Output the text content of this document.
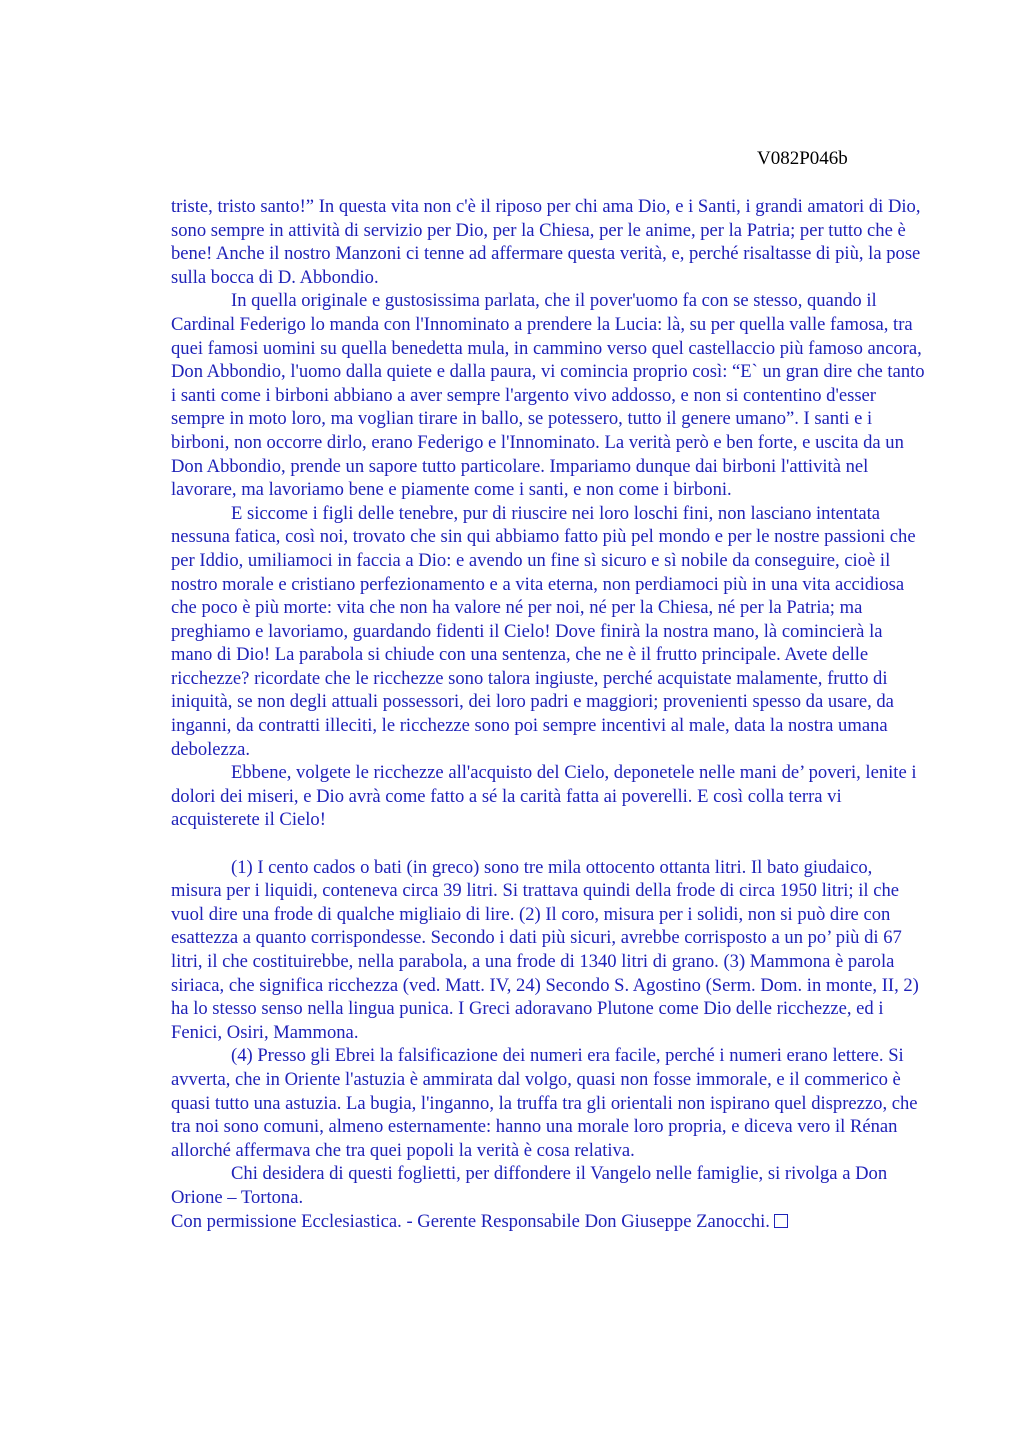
V082P046b

triste, tristo santo!” In questa vita non c'è il riposo per chi ama Dio, e i Santi, i grandi amatori di Dio, sono sempre in attività di servizio per Dio, per la Chiesa, per le anime, per la Patria; per tutto che è bene! Anche il nostro Manzoni ci tenne ad affermare questa verità, e, perché risaltasse di più, la pose sulla bocca di D. Abbondio.

In quella originale e gustosissima parlata, che il pover'uomo fa con se stesso, quando il Cardinal Federigo lo manda con l'Innominato a prendere la Lucia: là, su per quella valle famosa, tra quei famosi uomini su quella benedetta mula, in cammino verso quel castellaccio più famoso ancora, Don Abbondio, l'uomo dalla quiete e dalla paura, vi comincia proprio così: “E` un gran dire che tanto i santi come i birboni abbiano a aver sempre l'argento vivo addosso, e non si contentino d'esser sempre in moto loro, ma voglian tirare in ballo, se potessero, tutto il genere umano”. I santi e i birboni, non occorre dirlo, erano Federigo e l'Innominato. La verità però e ben forte, e uscita da un Don Abbondio, prende un sapore tutto particolare. Impariamo dunque dai birboni l'attività nel lavorare, ma lavoriamo bene e piamente come i santi, e non come i birboni.

E siccome i figli delle tenebre, pur di riuscire nei loro loschi fini, non lasciano intentata nessuna fatica, così noi, trovato che sin qui abbiamo fatto più pel mondo e per le nostre passioni che per Iddio, umiliamoci in faccia a Dio: e avendo un fine sì sicuro e sì nobile da conseguire, cioè il nostro morale e cristiano perfezionamento e a vita eterna, non perdiamoci più in una vita accidiosa che poco è più morte: vita che non ha valore né per noi, né per la Chiesa, né per la Patria; ma preghiamo e lavoriamo, guardando fidenti il Cielo! Dove finirà la nostra mano, là comincierà la mano di Dio! La parabola si chiude con una sentenza, che ne è il frutto principale. Avete delle ricchezze? ricordate che le ricchezze sono talora ingiuste, perché acquistate malamente, frutto di iniquità, se non degli attuali possessori, dei loro padri e maggiori; provenienti spesso da usare, da inganni, da contratti illeciti, le ricchezze sono poi sempre incentivi al male, data la nostra umana debolezza.

Ebbene, volgete le ricchezze all'acquisto del Cielo, deponetele nelle mani de’ poveri, lenite i dolori dei miseri, e Dio avrà come fatto a sé la carità fatta ai poverelli. E così colla terra vi acquisterete il Cielo!

(1) I cento cados o bati (in greco) sono tre mila ottocento ottanta litri. Il bato giudaico, misura per i liquidi, conteneva circa 39 litri. Si trattava quindi della frode di circa 1950 litri; il che vuol dire una frode di qualche migliaio di lire. (2) Il coro, misura per i solidi, non si può dire con esattezza a quanto corrispondesse. Secondo i dati più sicuri, avrebbe corrisposto a un po’ più di 67 litri, il che costituirebbe, nella parabola, a una frode di 1340 litri di grano. (3) Mammona è parola siriaca, che significa ricchezza (ved. Matt. IV, 24) Secondo S. Agostino (Serm. Dom. in monte, II, 2) ha lo stesso senso nella lingua punica. I Greci adoravano Plutone come Dio delle ricchezze, ed i Fenici, Osiri, Mammona.

(4) Presso gli Ebrei la falsificazione dei numeri era facile, perché i numeri erano lettere. Si avverta, che in Oriente l'astuzia è ammirata dal volgo, quasi non fosse immorale, e il commerico è quasi tutto una astuzia. La bugia, l'inganno, la truffa tra gli orientali non ispirano quel disprezzo, che tra noi sono comuni, almeno esternamente: hanno una morale loro propria, e diceva vero il Rénan allorché affermava che tra quei popoli la verità è cosa relativa.

Chi desidera di questi foglietti, per diffondere il Vangelo nelle famiglie, si rivolga a Don Orione – Tortona.

Con permissione Ecclesiastica. - Gerente Responsabile Don Giuseppe Zanocchi.
